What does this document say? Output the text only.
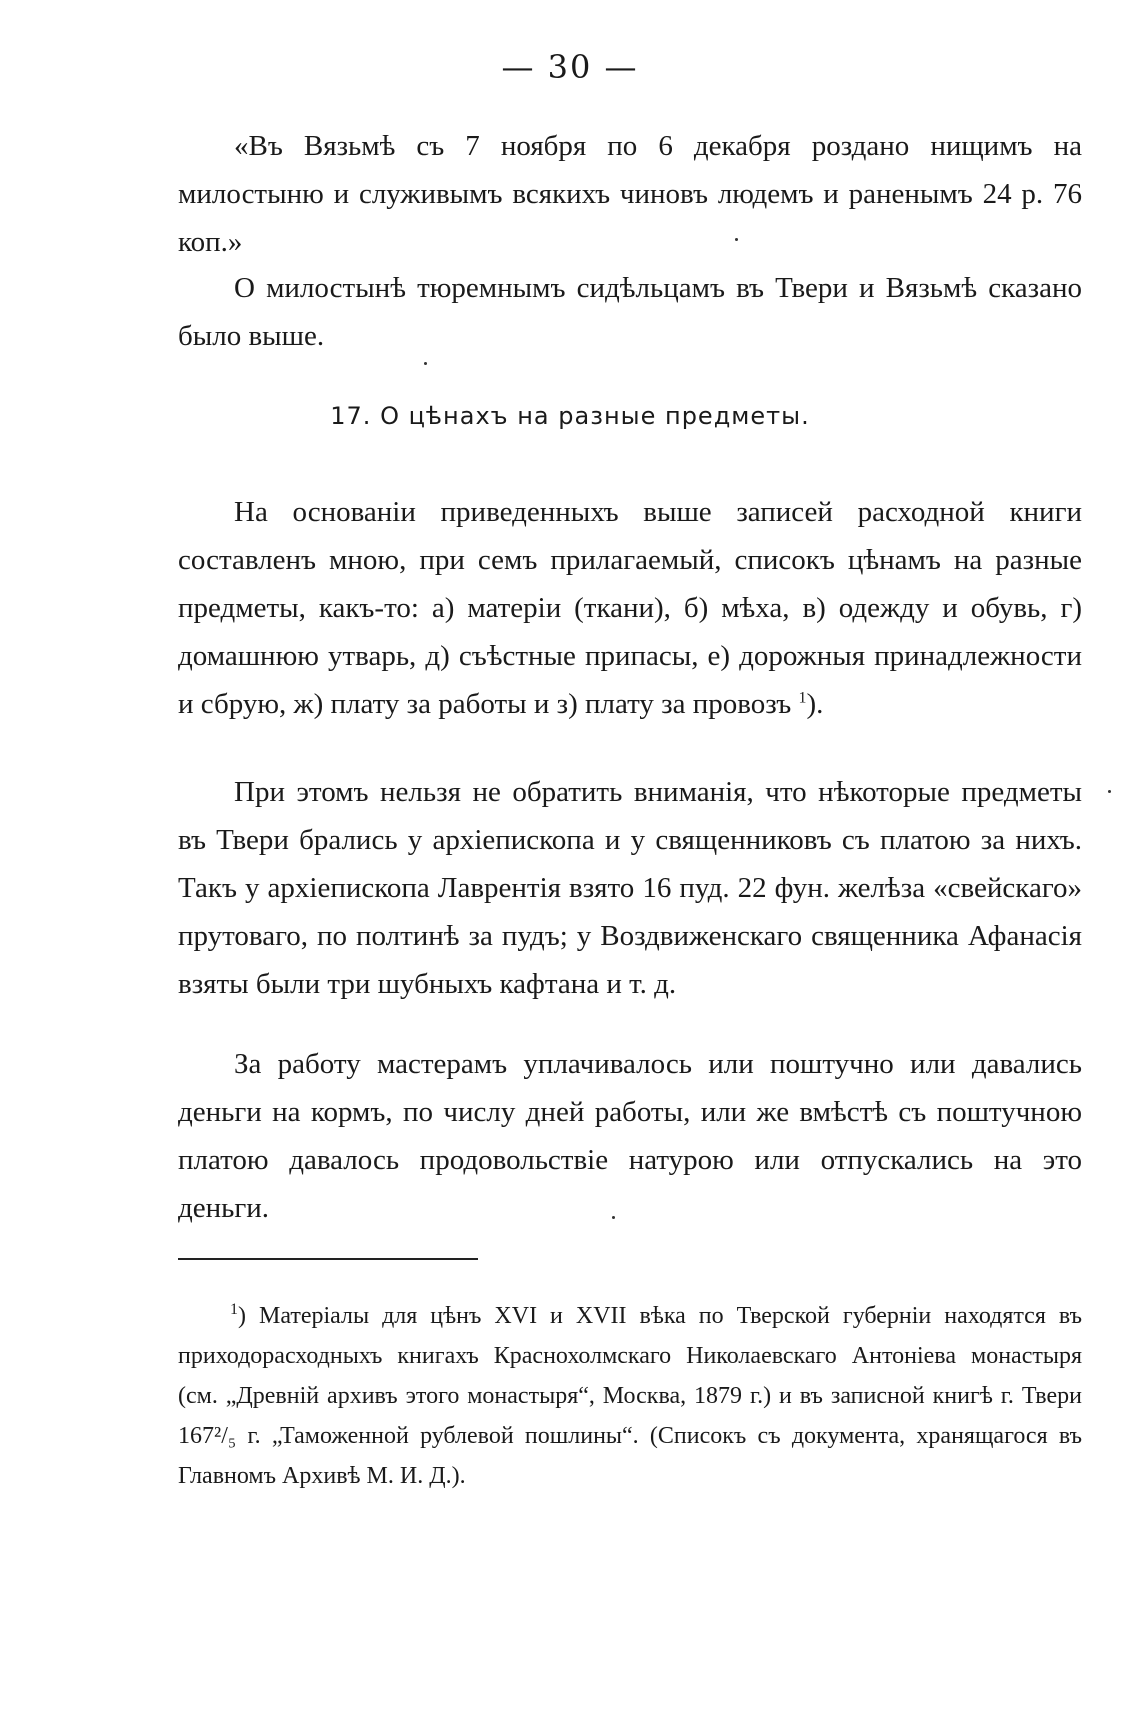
— 30 —

«Въ Вязьмѣ съ 7 ноября по 6 декабря роздано нищимъ на милостыню и служивымъ всякихъ чиновъ людемъ и раненымъ 24 р. 76 коп.»

О милостынѣ тюремнымъ сидѣльцамъ въ Твери и Вязьмѣ сказано было выше.

17. О цѣнахъ на разные предметы.

На основаніи приведенныхъ выше записей расходной книги составленъ мною, при семъ прилагаемый, списокъ цѣнамъ на разные предметы, какъ-то: а) матеріи (ткани), б) мѣха, в) одежду и обувь, г) домашнюю утварь, д) съѣстные припасы, е) дорожныя принадлежности и сбрую, ж) плату за работы и з) плату за провозъ $^1$).

При этомъ нельзя не обратить вниманія, что нѣкоторые предметы въ Твери брались у архіепископа и у священниковъ съ платою за нихъ. Такъ у архіепископа Лаврентія взято 16 пуд. 22 фун. желѣза «свейскаго» прутоваго, по полтинѣ за пудъ; у Воздвиженскаго священника Афанасія взяты были три шубныхъ кафтана и т. д.

За работу мастерамъ уплачивалось или поштучно или давались деньги на кормъ, по числу дней работы, или же вмѣстѣ съ поштучною платою давалось продовольствіе натурою или отпускались на это деньги.

$^1$) Матеріалы для цѣнъ XVI и XVII вѣка по Тверской губерніи находятся въ приходорасходныхъ книгахъ Краснохолмскаго Николаевскаго Антоніева монастыря (см. „Древній архивъ этого монастыря“, Москва, 1879 г.) и въ записной книгѣ г. Твери 167²/₅ г. „Таможенной рублевой пошлины“. (Списокъ съ документа, хранящагося въ Главномъ Архивѣ М. И. Д.).
